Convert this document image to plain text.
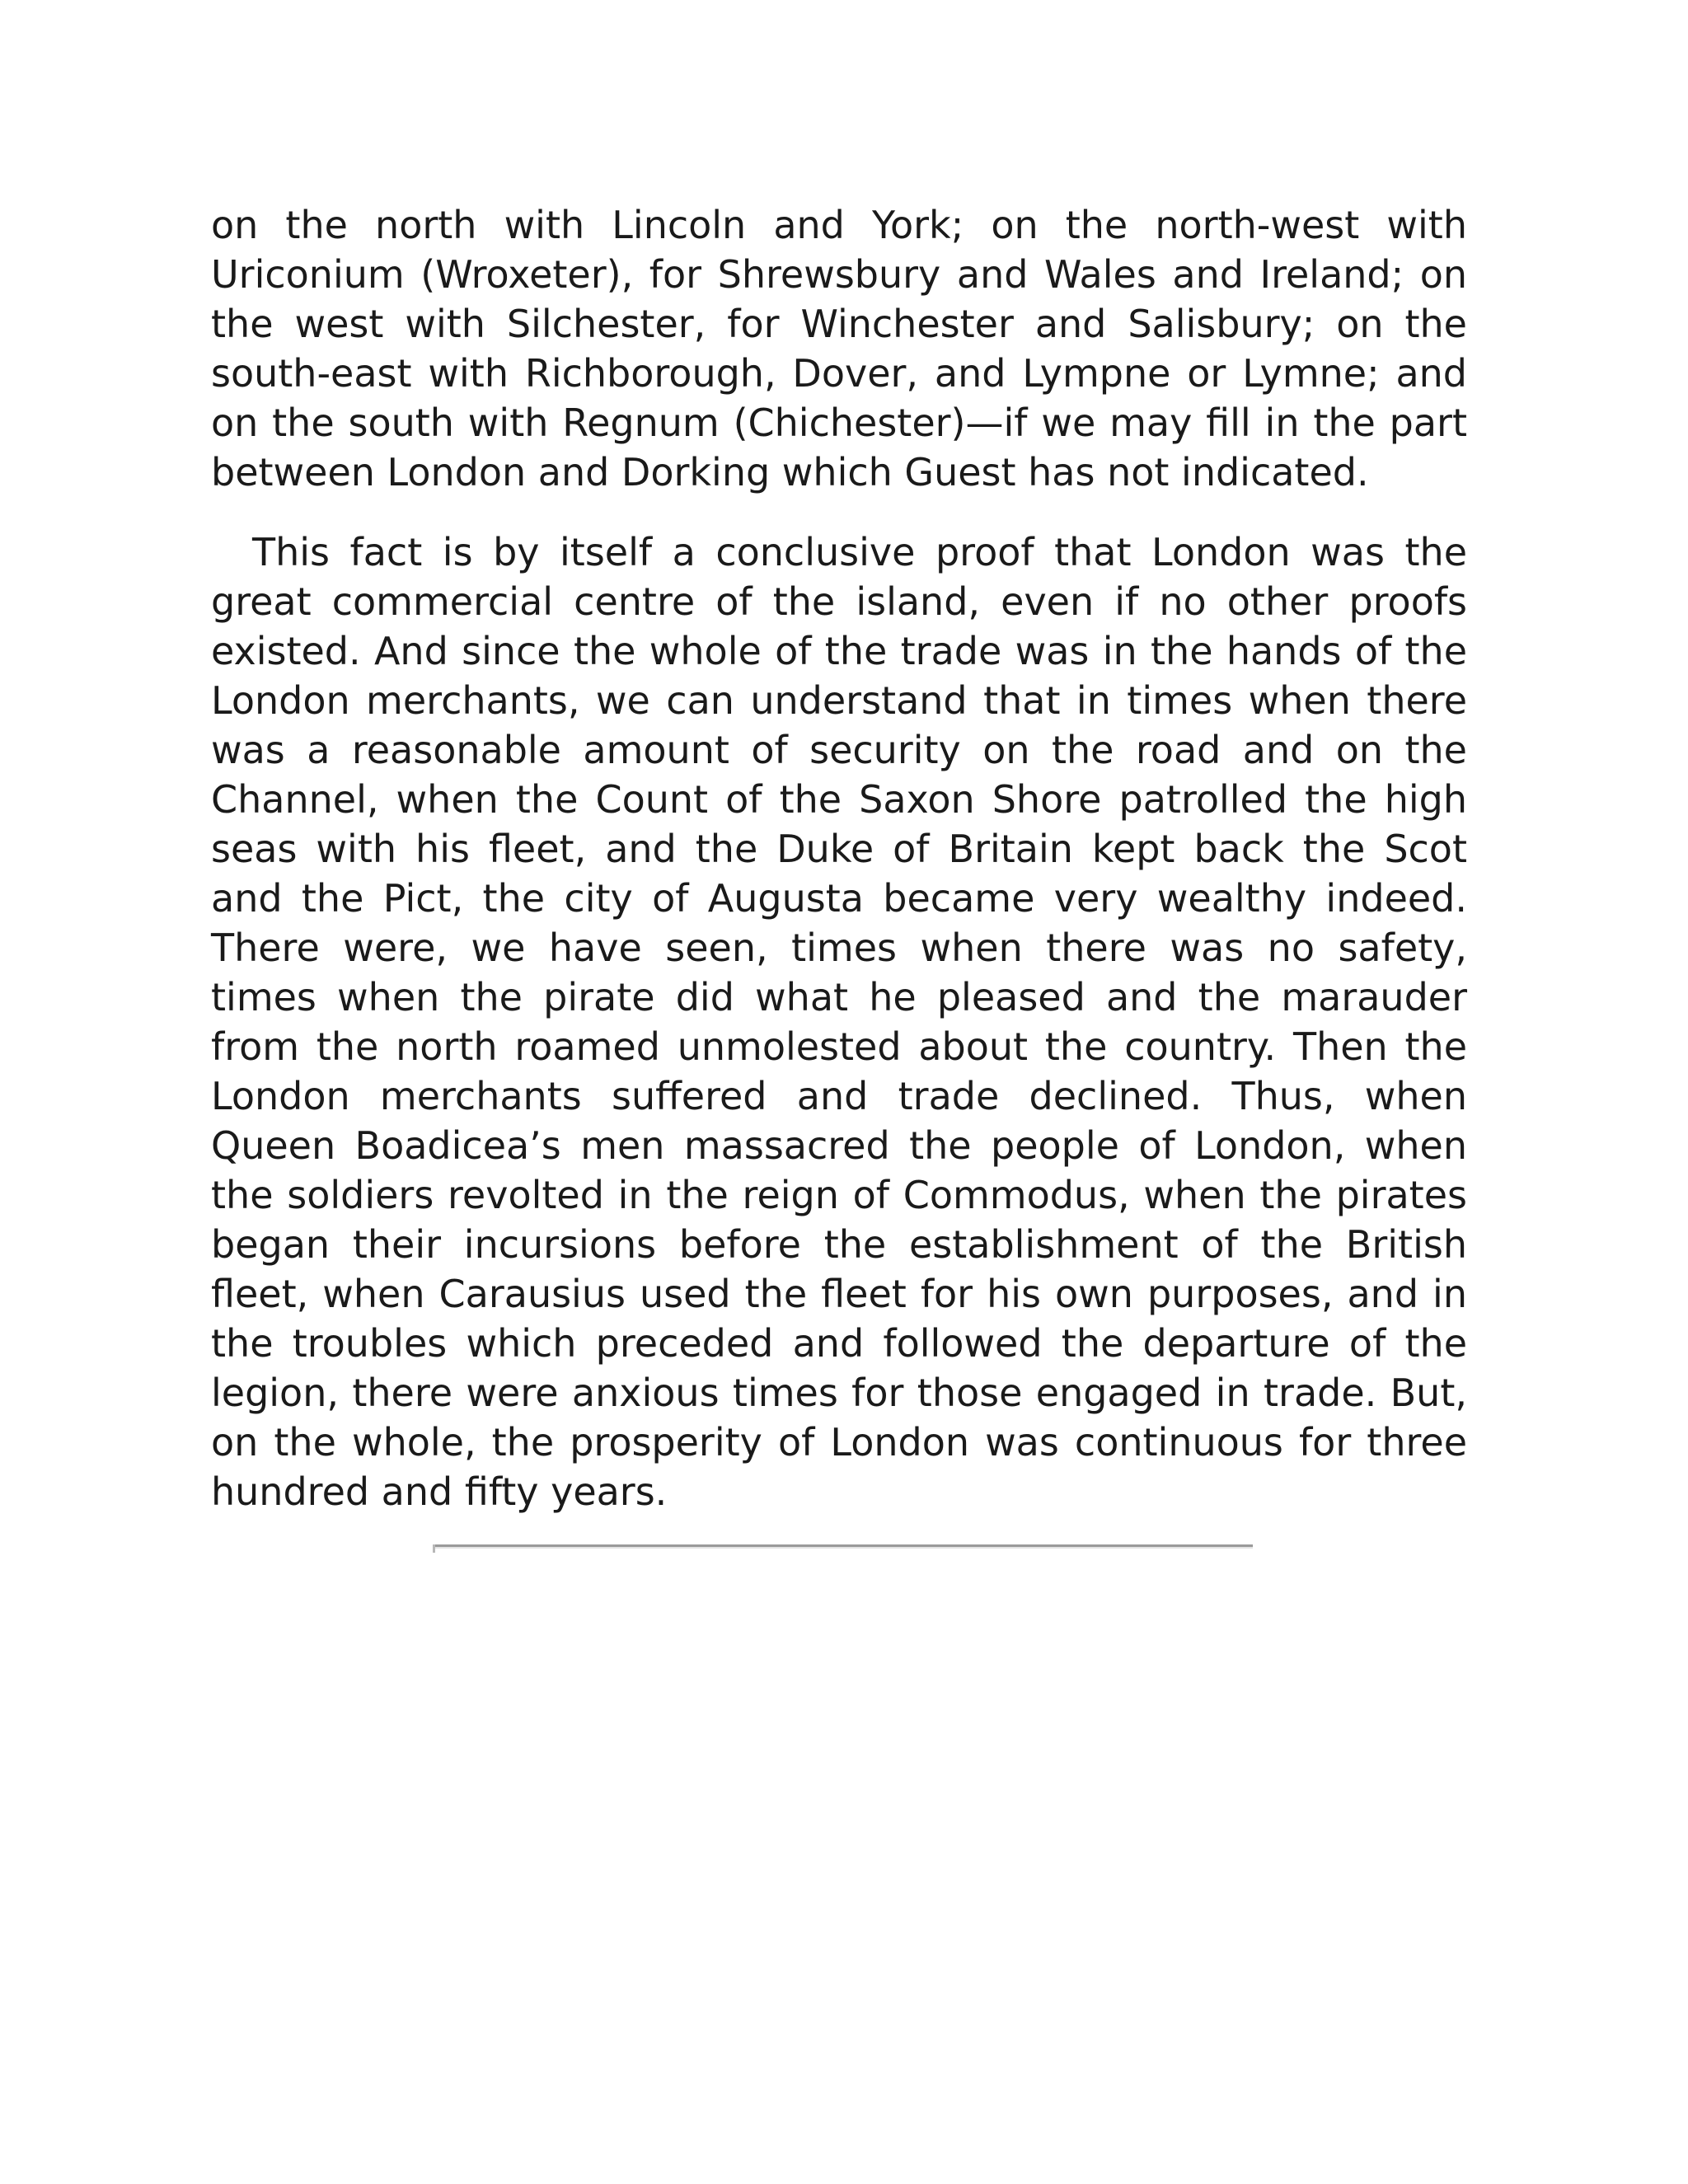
on the north with Lincoln and York; on the north-west with Uriconium (Wroxeter), for Shrewsbury and Wales and Ireland; on the west with Silchester, for Winchester and Salisbury; on the south-east with Richborough, Dover, and Lympne or Lymne; and on the south with Regnum (Chichester)—if we may fill in the part between London and Dorking which Guest has not indicated.

This fact is by itself a conclusive proof that London was the great commercial centre of the island, even if no other proofs existed. And since the whole of the trade was in the hands of the London merchants, we can understand that in times when there was a reasonable amount of security on the road and on the Channel, when the Count of the Saxon Shore patrolled the high seas with his fleet, and the Duke of Britain kept back the Scot and the Pict, the city of Augusta became very wealthy indeed. There were, we have seen, times when there was no safety, times when the pirate did what he pleased and the marauder from the north roamed unmolested about the country. Then the London merchants suffered and trade declined. Thus, when Queen Boadicea’s men massacred the people of London, when the soldiers revolted in the reign of Commodus, when the pirates began their incursions before the establishment of the British fleet, when Carausius used the fleet for his own purposes, and in the troubles which preceded and followed the departure of the legion, there were anxious times for those engaged in trade. But, on the whole, the prosperity of London was continuous for three hundred and fifty years.
